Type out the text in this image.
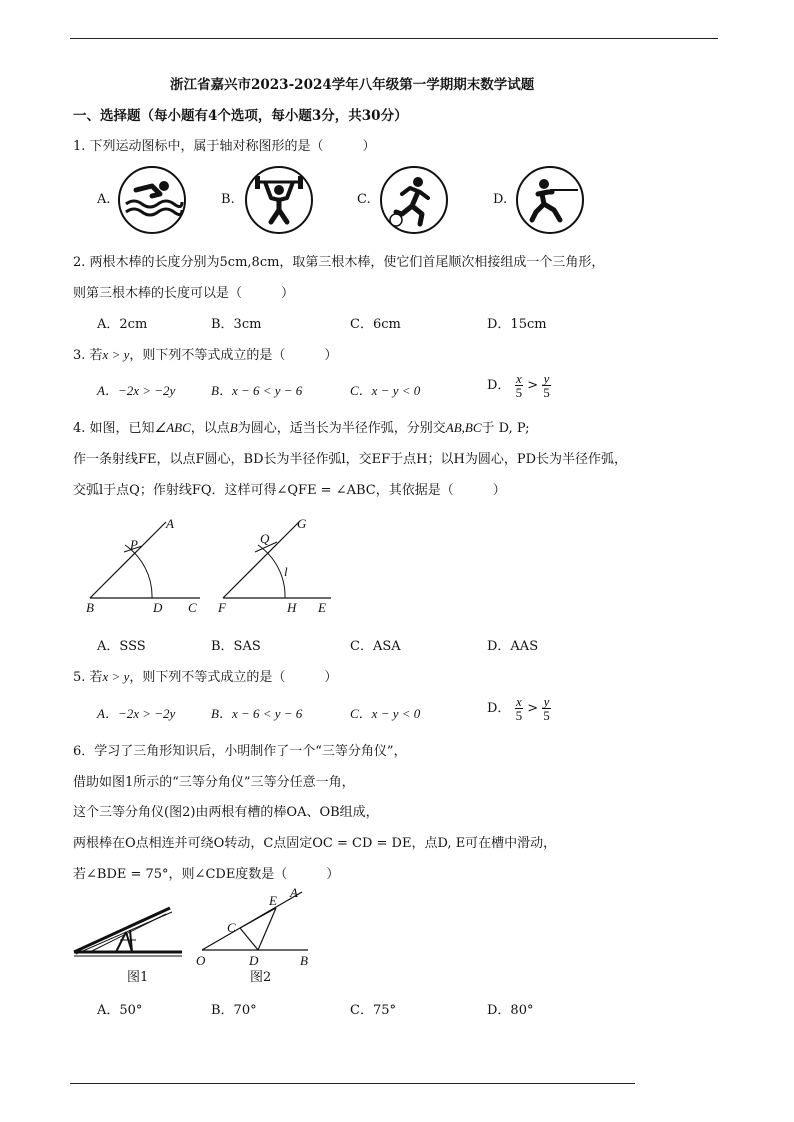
浙江省嘉兴市2023-2024学年八年级第一学期期末数学试题
一、选择题（每小题有4个选项，每小题3分，共30分）
1. 下列运动图标中，属于轴对称图形的是（　　　）
A.	B.	C.	D.
2. 两根木棒的长度分别为5cm,8cm，取第三根木棒，使它们首尾顺次相接组成一个三角形，
则第三根木棒的长度可以是（　　　）
A．2cm	B．3cm	C．6cm	D．15cm
3. 若x > y，则下列不等式成立的是（　　　）
A．−2x > −2y	B．x − 6 < y − 6	C．x − y < 0	D． $\frac{x}{5} > \frac{y}{5}$
4. 如图，已知∠ABC，以点B为圆心，适当长为半径作弧，分别交AB,BC于 D, P;
作一条射线FE，以点F圆心，BD长为半径作弧l，交EF于点H；以H为圆心，PD长为半径作弧，
交弧l于点Q；作射线FQ．这样可得∠QFE = ∠ABC，其依据是（　　　）
A
P
B	D C
G
Q
l
F	H E
A．SSS	B．SAS	C．ASA	D．AAS
5. 若x > y，则下列不等式成立的是（　　　）
A．−2x > −2y	B．x − 6 < y − 6	C．x − y < 0	D． $\frac{x}{5} > \frac{y}{5}$
6．学习了三角形知识后，小明制作了一个“三等分角仪”，
借助如图1所示的“三等分角仪”三等分任意一角，
这个三等分角仪(图2)由两根有槽的棒OA、OB组成，
两根棒在O点相连并可绕O转动，C点固定OC = CD = DE，点D, E可在槽中滑动，
若∠BDE = 75°，则∠CDE度数是（　　　）
E
A
C
O	D	B
图1	图2
A．50°	B．70°	C．75°	D．80°
